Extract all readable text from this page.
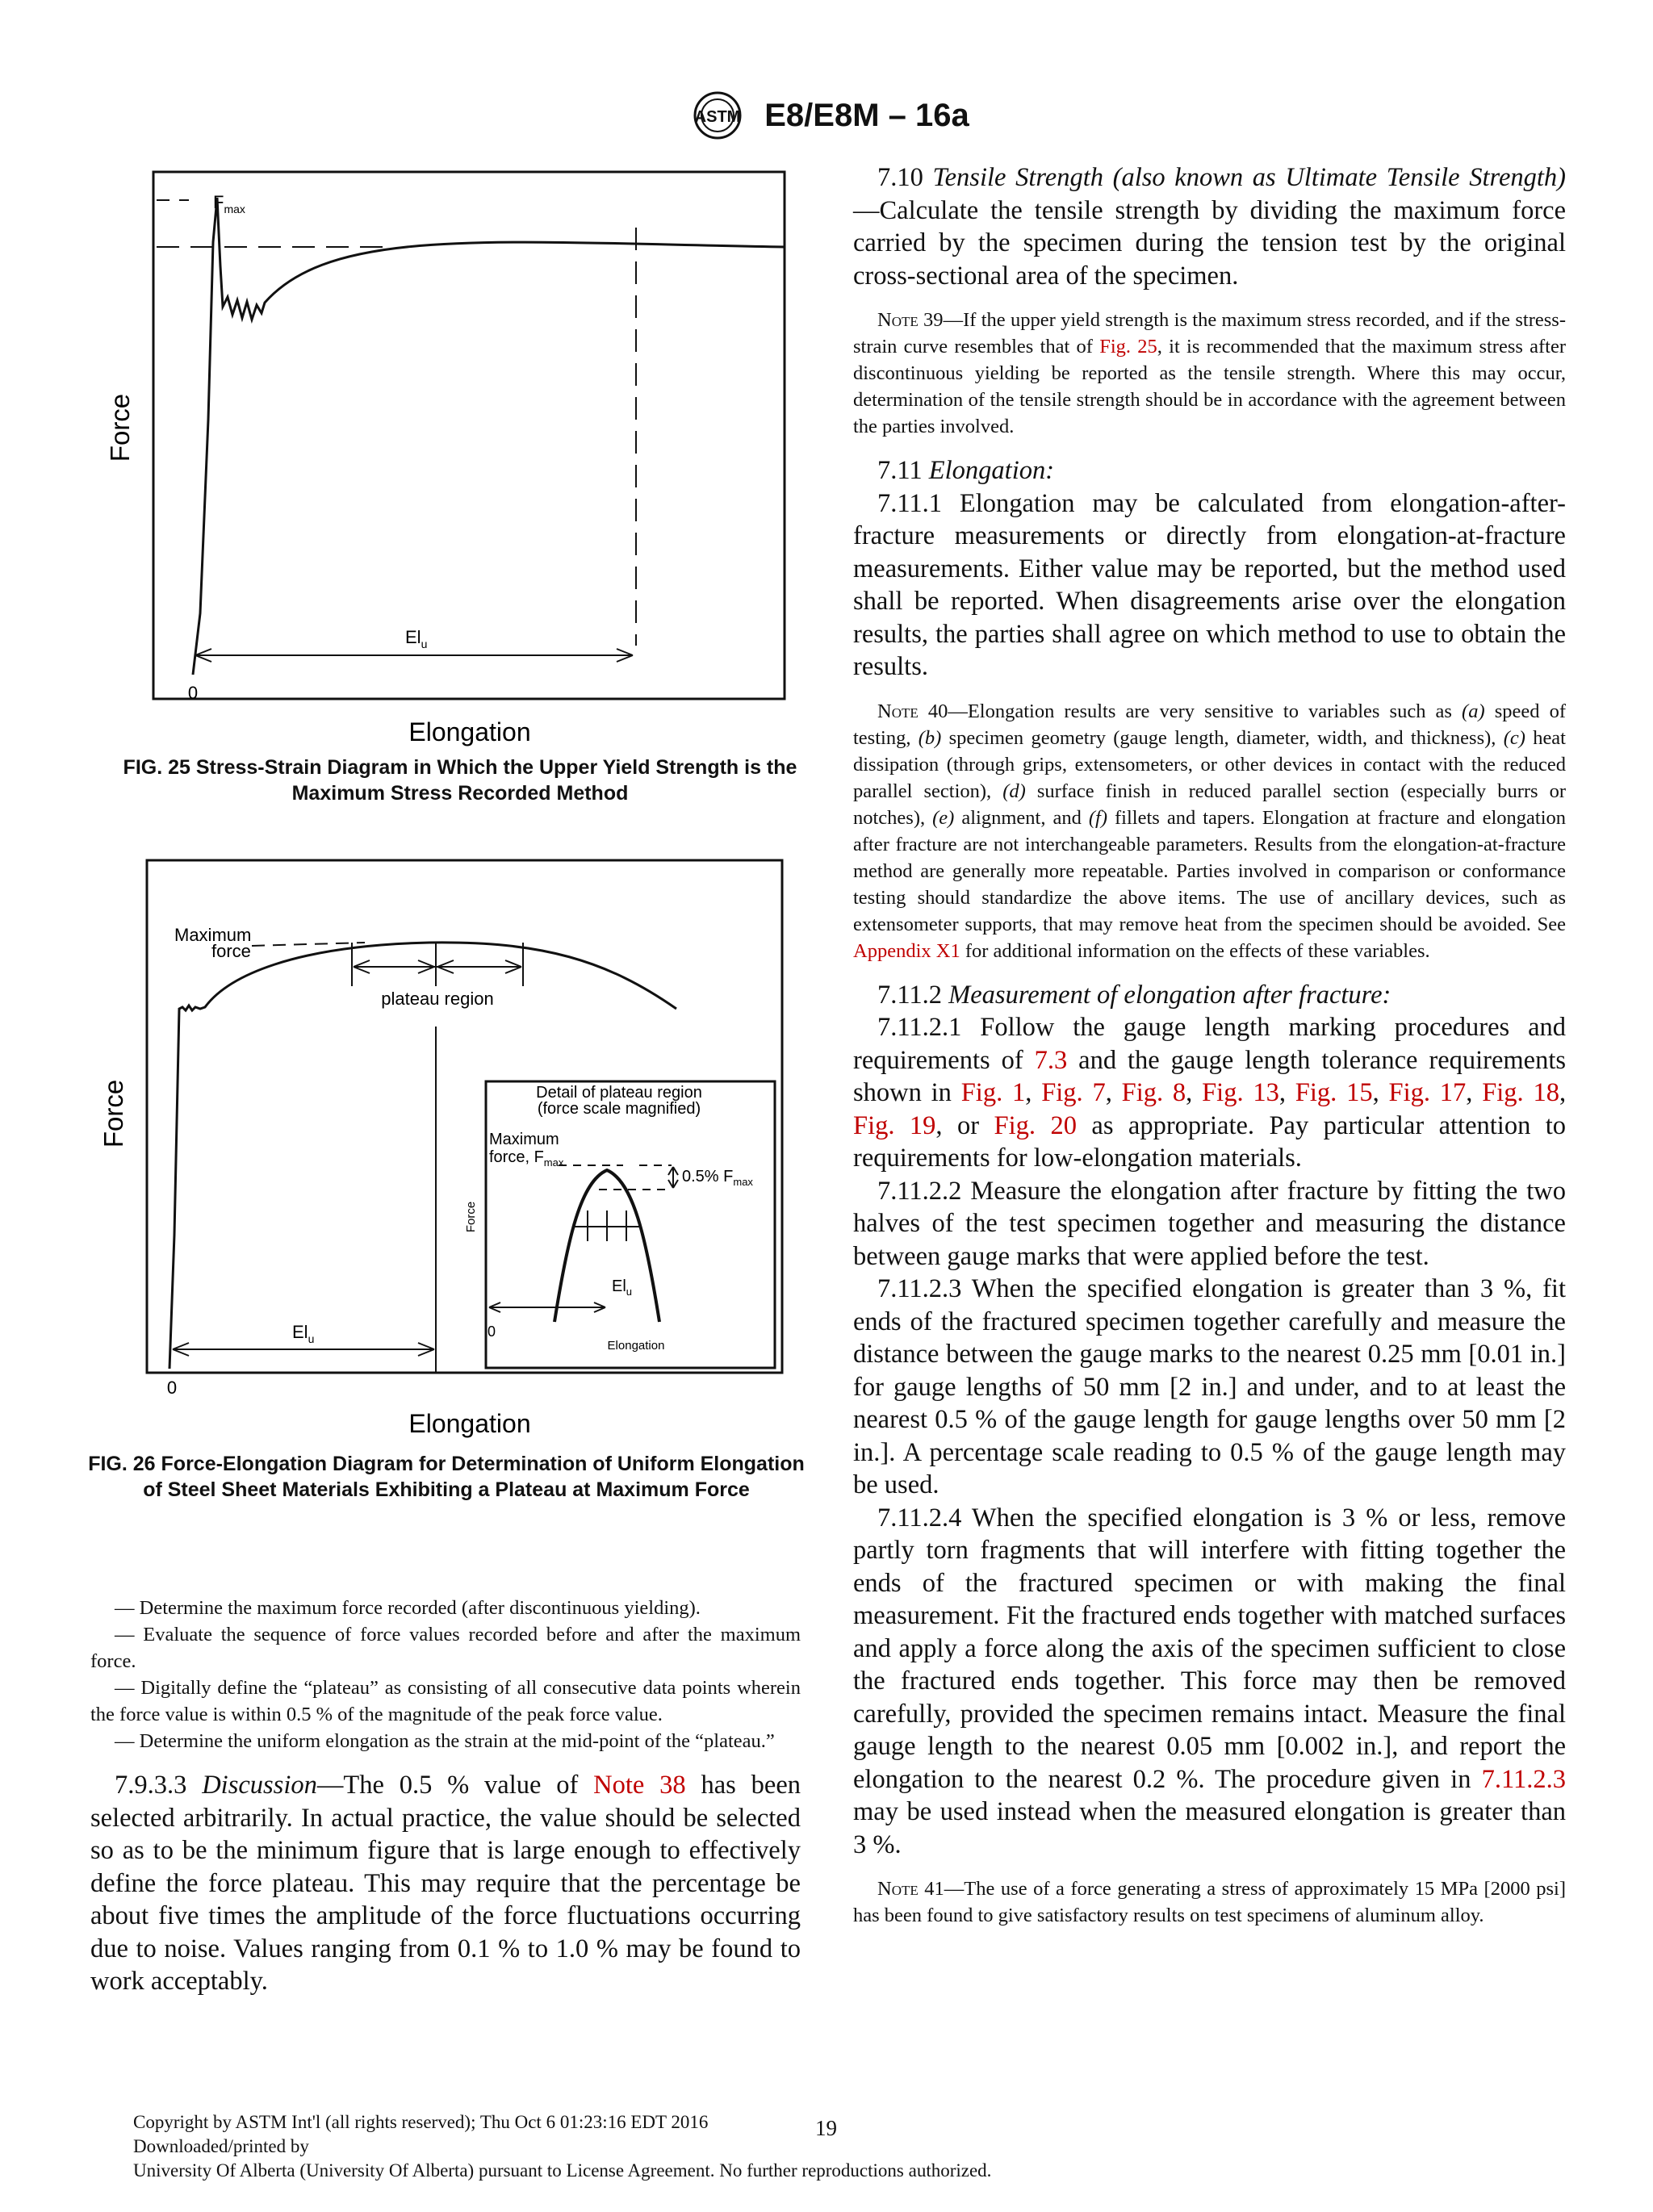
ASTM E8/E8M – 16a
Force
Elongation
0
$F_{max}$
$El_u$
FIG. 25 Stress-Strain Diagram in Which the Upper Yield Strength is the Maximum Stress Recorded Method
Force
Elongation
0
Maximum
force
plateau region
$El_u$
Detail of plateau region
(force scale magnified)
Maximum
force, $F_{max}$
0.5% $F_{max}$
Force
$El_u$
0
Elongation
FIG. 26 Force-Elongation Diagram for Determination of Uniform Elongation of Steel Sheet Materials Exhibiting a Plateau at Maximum Force

— Determine the maximum force recorded (after discontinuous yielding).

— Evaluate the sequence of force values recorded before and after the maximum force.

— Digitally define the “plateau” as consisting of all consecutive data points wherein the force value is within 0.5 % of the magnitude of the peak force value.

— Determine the uniform elongation as the strain at the mid-point of the “plateau.”

7.9.3.3 Discussion—The 0.5 % value of Note 38 has been selected arbitrarily. In actual practice, the value should be selected so as to be the minimum figure that is large enough to effectively define the force plateau. This may require that the percentage be about five times the amplitude of the force fluctuations occurring due to noise. Values ranging from 0.1 % to 1.0 % may be found to work acceptably.

7.10 Tensile Strength (also known as Ultimate Tensile Strength)—Calculate the tensile strength by dividing the maximum force carried by the specimen during the tension test by the original cross-sectional area of the specimen.

Note 39—If the upper yield strength is the maximum stress recorded, and if the stress-strain curve resembles that of Fig. 25, it is recommended that the maximum stress after discontinuous yielding be reported as the tensile strength. Where this may occur, determination of the tensile strength should be in accordance with the agreement between the parties involved.

7.11 Elongation:

7.11.1 Elongation may be calculated from elongation-after-fracture measurements or directly from elongation-at-fracture measurements. Either value may be reported, but the method used shall be reported. When disagreements arise over the elongation results, the parties shall agree on which method to use to obtain the results.

Note 40—Elongation results are very sensitive to variables such as (a) speed of testing, (b) specimen geometry (gauge length, diameter, width, and thickness), (c) heat dissipation (through grips, extensometers, or other devices in contact with the reduced parallel section), (d) surface finish in reduced parallel section (especially burrs or notches), (e) alignment, and (f) fillets and tapers. Elongation at fracture and elongation after fracture are not interchangeable parameters. Results from the elongation-at-fracture method are generally more repeatable. Parties involved in comparison or conformance testing should standardize the above items. The use of ancillary devices, such as extensometer supports, that may remove heat from the specimen should be avoided. See Appendix X1 for additional information on the effects of these variables.

7.11.2 Measurement of elongation after fracture:

7.11.2.1 Follow the gauge length marking procedures and requirements of 7.3 and the gauge length tolerance requirements shown in Fig. 1, Fig. 7, Fig. 8, Fig. 13, Fig. 15, Fig. 17, Fig. 18, Fig. 19, or Fig. 20 as appropriate. Pay particular attention to requirements for low-elongation materials.

7.11.2.2 Measure the elongation after fracture by fitting the two halves of the test specimen together and measuring the distance between gauge marks that were applied before the test.

7.11.2.3 When the specified elongation is greater than 3 %, fit ends of the fractured specimen together carefully and measure the distance between the gauge marks to the nearest 0.25 mm [0.01 in.] for gauge lengths of 50 mm [2 in.] and under, and to at least the nearest 0.5 % of the gauge length for gauge lengths over 50 mm [2 in.]. A percentage scale reading to 0.5 % of the gauge length may be used.

7.11.2.4 When the specified elongation is 3 % or less, remove partly torn fragments that will interfere with fitting together the ends of the fractured specimen or with making the final measurement. Fit the fractured ends together with matched surfaces and apply a force along the axis of the specimen sufficient to close the fractured ends together. This force may then be removed carefully, provided the specimen remains intact. Measure the final gauge length to the nearest 0.05 mm [0.002 in.], and report the elongation to the nearest 0.2 %. The procedure given in 7.11.2.3 may be used instead when the measured elongation is greater than 3 %.

Note 41—The use of a force generating a stress of approximately 15 MPa [2000 psi] has been found to give satisfactory results on test specimens of aluminum alloy.

Copyright by ASTM Int'l (all rights reserved); Thu Oct 6 01:23:16 EDT 2016
Downloaded/printed by
University Of Alberta (University Of Alberta) pursuant to License Agreement. No further reproductions authorized.
19
